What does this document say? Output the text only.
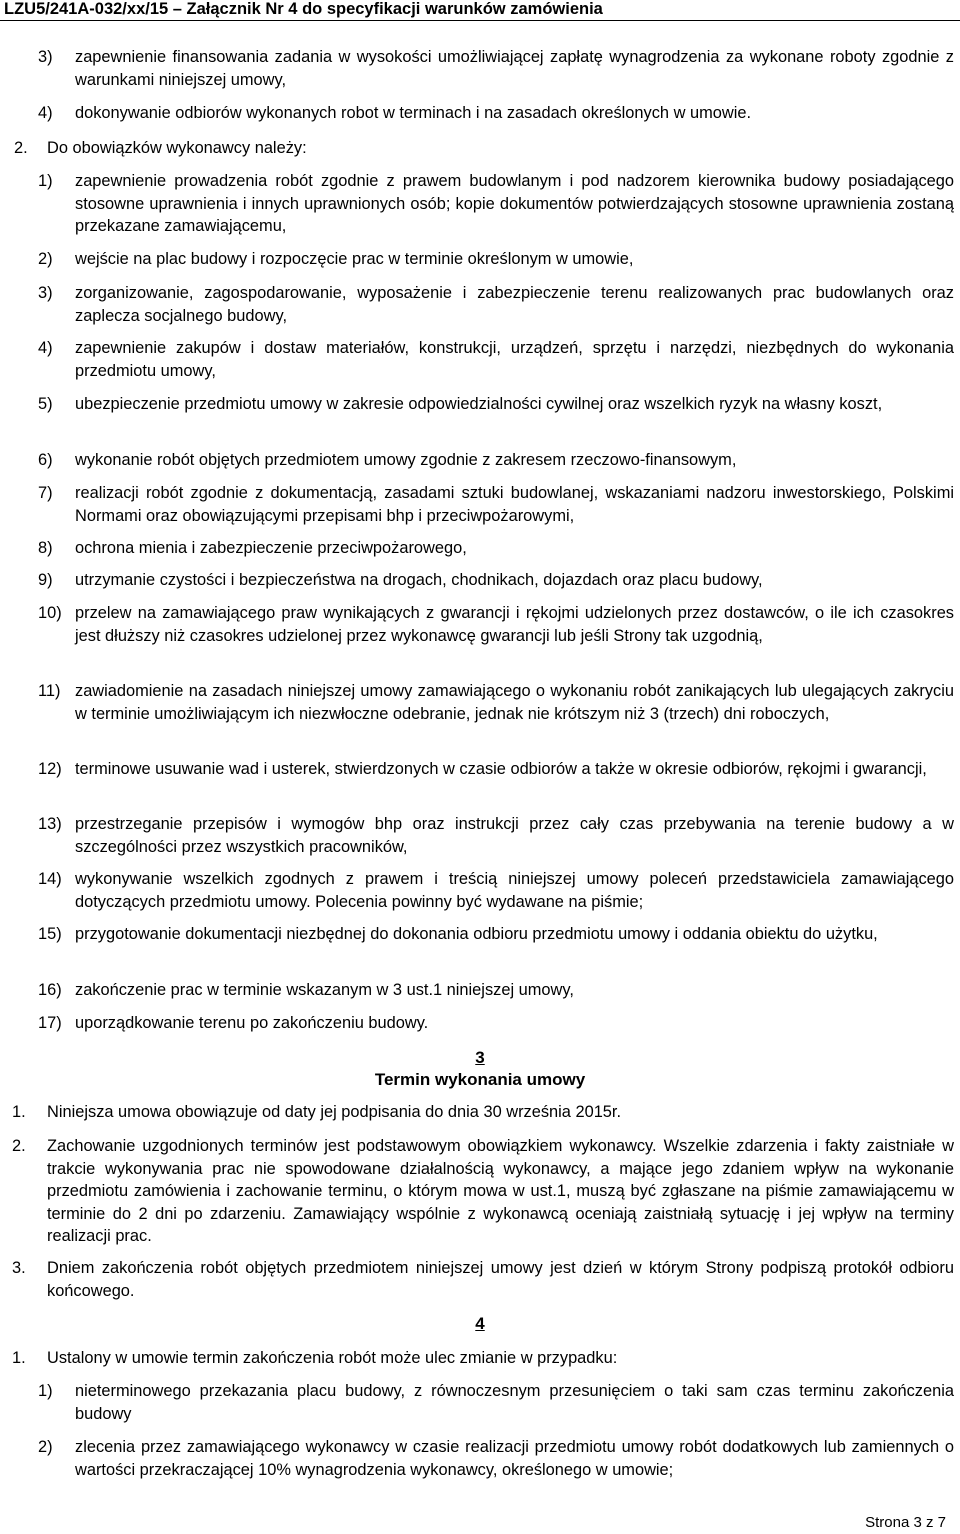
LZU5/241A-032/xx/15 – Załącznik Nr 4 do specyfikacji warunków zamówienia
3) zapewnienie finansowania zadania w wysokości umożliwiającej zapłatę wynagrodzenia za wykonane roboty zgodnie z warunkami niniejszej umowy,
4) dokonywanie odbiorów wykonanych robot w terminach i na zasadach określonych w umowie.
2. Do obowiązków wykonawcy należy:
1) zapewnienie prowadzenia robót zgodnie z prawem budowlanym i pod nadzorem kierownika budowy posiadającego stosowne uprawnienia i innych uprawnionych osób; kopie dokumentów potwierdzających stosowne uprawnienia zostaną przekazane zamawiającemu,
2) wejście na plac budowy i rozpoczęcie prac w terminie określonym w umowie,
3) zorganizowanie, zagospodarowanie, wyposażenie i zabezpieczenie terenu realizowanych prac budowlanych oraz zaplecza socjalnego budowy,
4) zapewnienie zakupów i dostaw materiałów, konstrukcji, urządzeń, sprzętu i narzędzi, niezbędnych do wykonania przedmiotu umowy,
5) ubezpieczenie przedmiotu umowy w zakresie odpowiedzialności cywilnej oraz wszelkich ryzyk na własny koszt,
6) wykonanie robót objętych przedmiotem umowy zgodnie z zakresem rzeczowo-finansowym,
7) realizacji robót zgodnie z dokumentacją, zasadami sztuki budowlanej, wskazaniami nadzoru inwestorskiego, Polskimi Normami oraz obowiązującymi przepisami bhp i przeciwpożarowymi,
8) ochrona mienia i zabezpieczenie przeciwpożarowego,
9) utrzymanie czystości i bezpieczeństwa na drogach, chodnikach, dojazdach oraz placu budowy,
10) przelew na zamawiającego praw wynikających z gwarancji i rękojmi udzielonych przez dostawców, o ile ich czasokres jest dłuższy niż czasokres udzielonej przez wykonawcę gwarancji lub jeśli Strony tak uzgodnią,
11) zawiadomienie na zasadach niniejszej umowy zamawiającego o wykonaniu robót zanikających lub ulegających zakryciu w terminie umożliwiającym ich niezwłoczne odebranie, jednak nie krótszym niż 3 (trzech) dni roboczych,
12) terminowe usuwanie wad i usterek, stwierdzonych w czasie odbiorów a także w okresie odbiorów, rękojmi i gwarancji,
13) przestrzeganie przepisów i wymogów bhp oraz instrukcji przez cały czas przebywania na terenie budowy a w szczególności przez wszystkich pracowników,
14) wykonywanie wszelkich zgodnych z prawem i treścią niniejszej umowy poleceń przedstawiciela zamawiającego dotyczących przedmiotu umowy. Polecenia powinny być wydawane na piśmie;
15) przygotowanie dokumentacji niezbędnej do dokonania odbioru przedmiotu umowy i oddania obiektu do użytku,
16) zakończenie prac w terminie wskazanym w 3 ust.1 niniejszej umowy,
17) uporządkowanie terenu po zakończeniu budowy.
3
Termin wykonania umowy
1. Niniejsza umowa obowiązuje od daty jej podpisania do dnia 30 września 2015r.
2. Zachowanie uzgodnionych terminów jest podstawowym obowiązkiem wykonawcy. Wszelkie zdarzenia i fakty zaistniałe w trakcie wykonywania prac nie spowodowane działalnością wykonawcy, a mające jego zdaniem wpływ na wykonanie przedmiotu zamówienia i zachowanie terminu, o którym mowa w ust.1, muszą być zgłaszane na piśmie zamawiającemu w terminie do 2 dni po zdarzeniu. Zamawiający wspólnie z wykonawcą oceniają zaistniałą sytuację i jej wpływ na terminy realizacji prac.
3. Dniem zakończenia robót objętych przedmiotem niniejszej umowy jest dzień w którym Strony podpiszą protokół odbioru końcowego.
4
1. Ustalony w umowie termin zakończenia robót może ulec zmianie w przypadku:
1) nieterminowego przekazania placu budowy, z równoczesnym przesunięciem o taki sam czas terminu zakończenia budowy
2) zlecenia przez zamawiającego wykonawcy w czasie realizacji przedmiotu umowy robót dodatkowych lub zamiennych o wartości przekraczającej 10% wynagrodzenia wykonawcy, określonego w umowie;
Strona 3 z 7
